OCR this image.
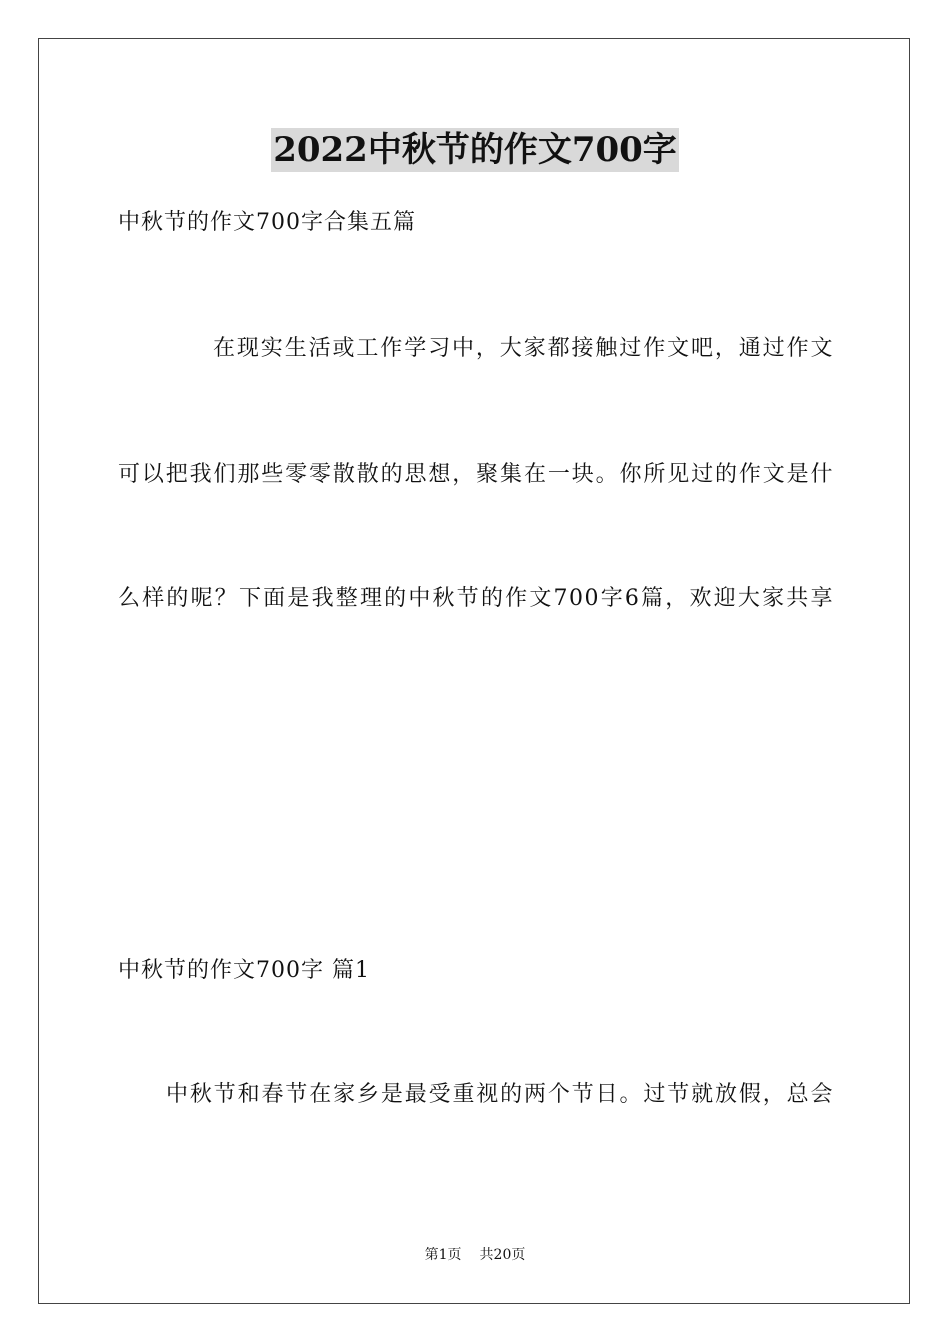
2022中秋节的作文700字
中秋节的作文700字合集五篇
在现实生活或工作学习中，大家都接触过作文吧，通过作文
可以把我们那些零零散散的思想，聚集在一块。你所见过的作文是什
么样的呢？下面是我整理的中秋节的作文700字6篇，欢迎大家共享
中秋节的作文700字 篇1
中秋节和春节在家乡是最受重视的两个节日。过节就放假，总会
第1页 共20页
